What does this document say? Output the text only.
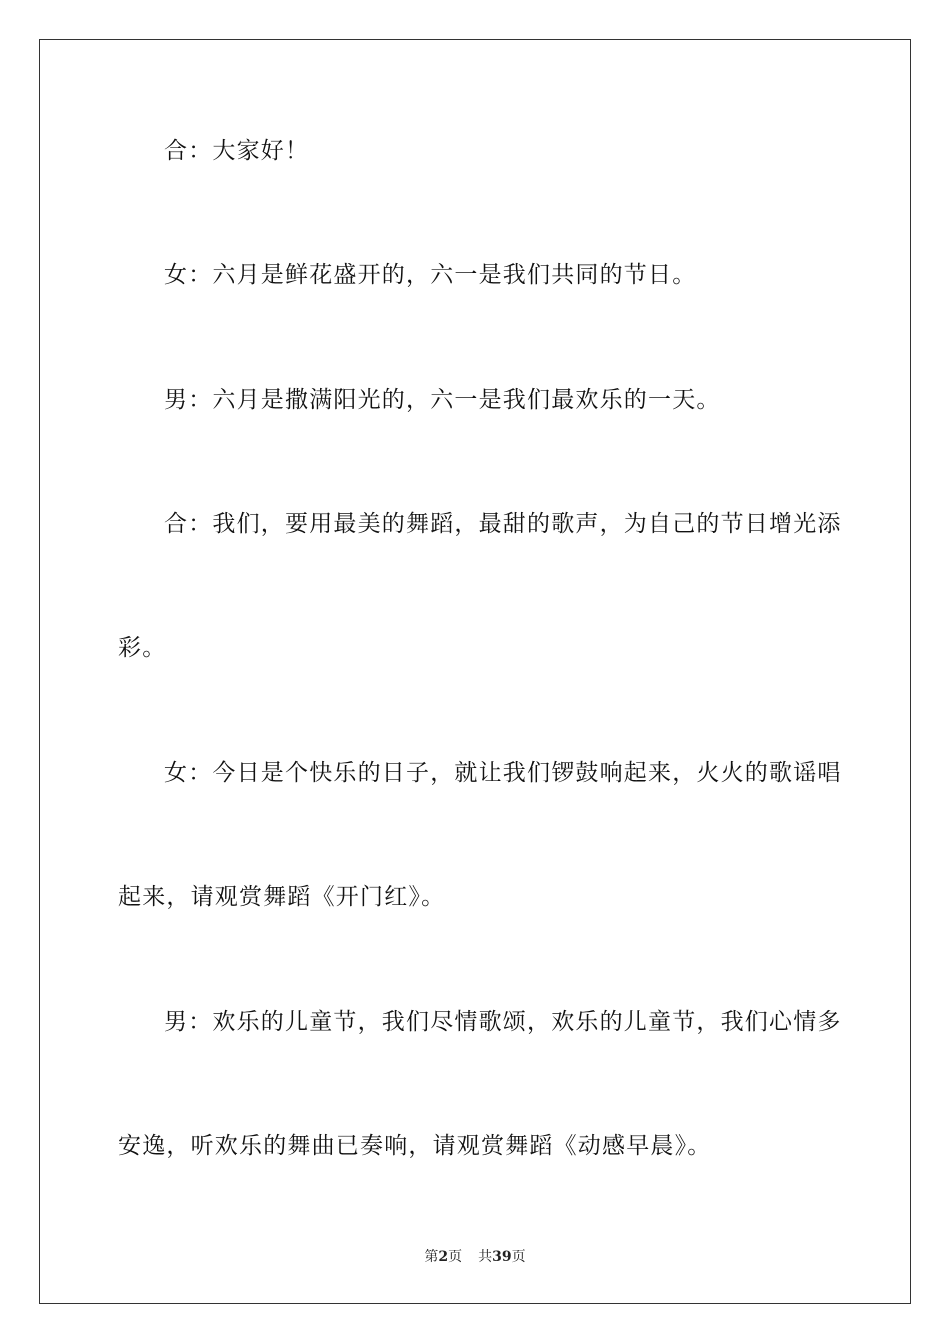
合：大家好！
女：六月是鲜花盛开的，六一是我们共同的节日。
男：六月是撒满阳光的，六一是我们最欢乐的一天。
合：我们，要用最美的舞蹈，最甜的歌声，为自己的节日增光添
彩。
女：今日是个快乐的日子，就让我们锣鼓响起来，火火的歌谣唱
起来，请观赏舞蹈《开门红》。
男：欢乐的儿童节，我们尽情歌颂，欢乐的儿童节，我们心情多
安逸，听欢乐的舞曲已奏响，请观赏舞蹈《动感早晨》。
第2页 共39页
